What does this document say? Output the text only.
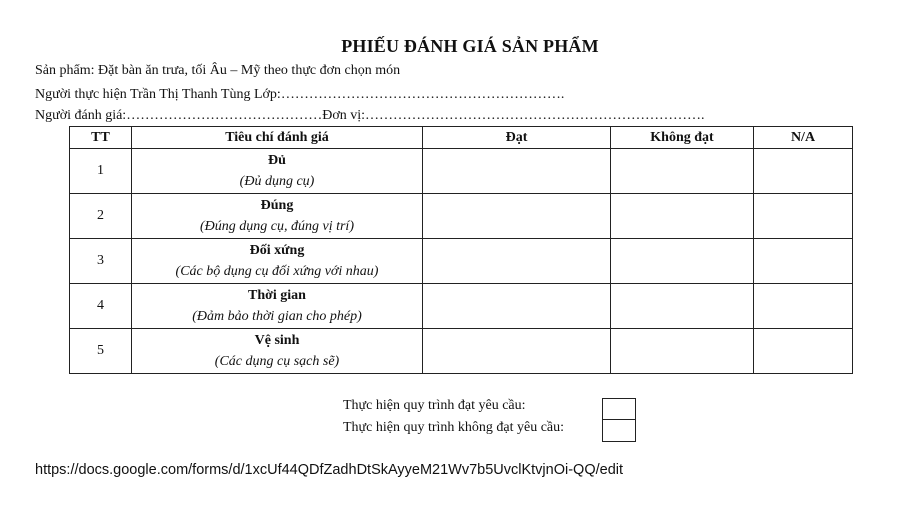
PHIẾU ĐÁNH GIÁ SẢN PHẨM
Sản phẩm: Đặt bàn ăn trưa, tối Âu – Mỹ theo thực đơn chọn món
Người thực hiện Trần Thị Thanh Tùng Lớp:…………………………………………………….
Người đánh giá:……………………………………Đơn vị:……………………………………………………………….
TT	Tiêu chí đánh giá	Đạt	Không đạt	N/A
1	Đủ
(Đủ dụng cụ)			

2	Đúng
(Đúng dụng cụ, đúng vị trí)			

3	Đối xứng
(Các bộ dụng cụ đối xứng với nhau)			

4	Thời gian
(Đảm bảo thời gian cho phép)			

5	Vệ sinh
(Các dụng cụ sạch sẽ)			

Thực hiện quy trình đạt yêu cầu:
Thực hiện quy trình không đạt yêu cầu:
https://docs.google.com/forms/d/1xcUf44QDfZadhDtSkAyyeM21Wv7b5UvclKtvjnOi-QQ/edit
